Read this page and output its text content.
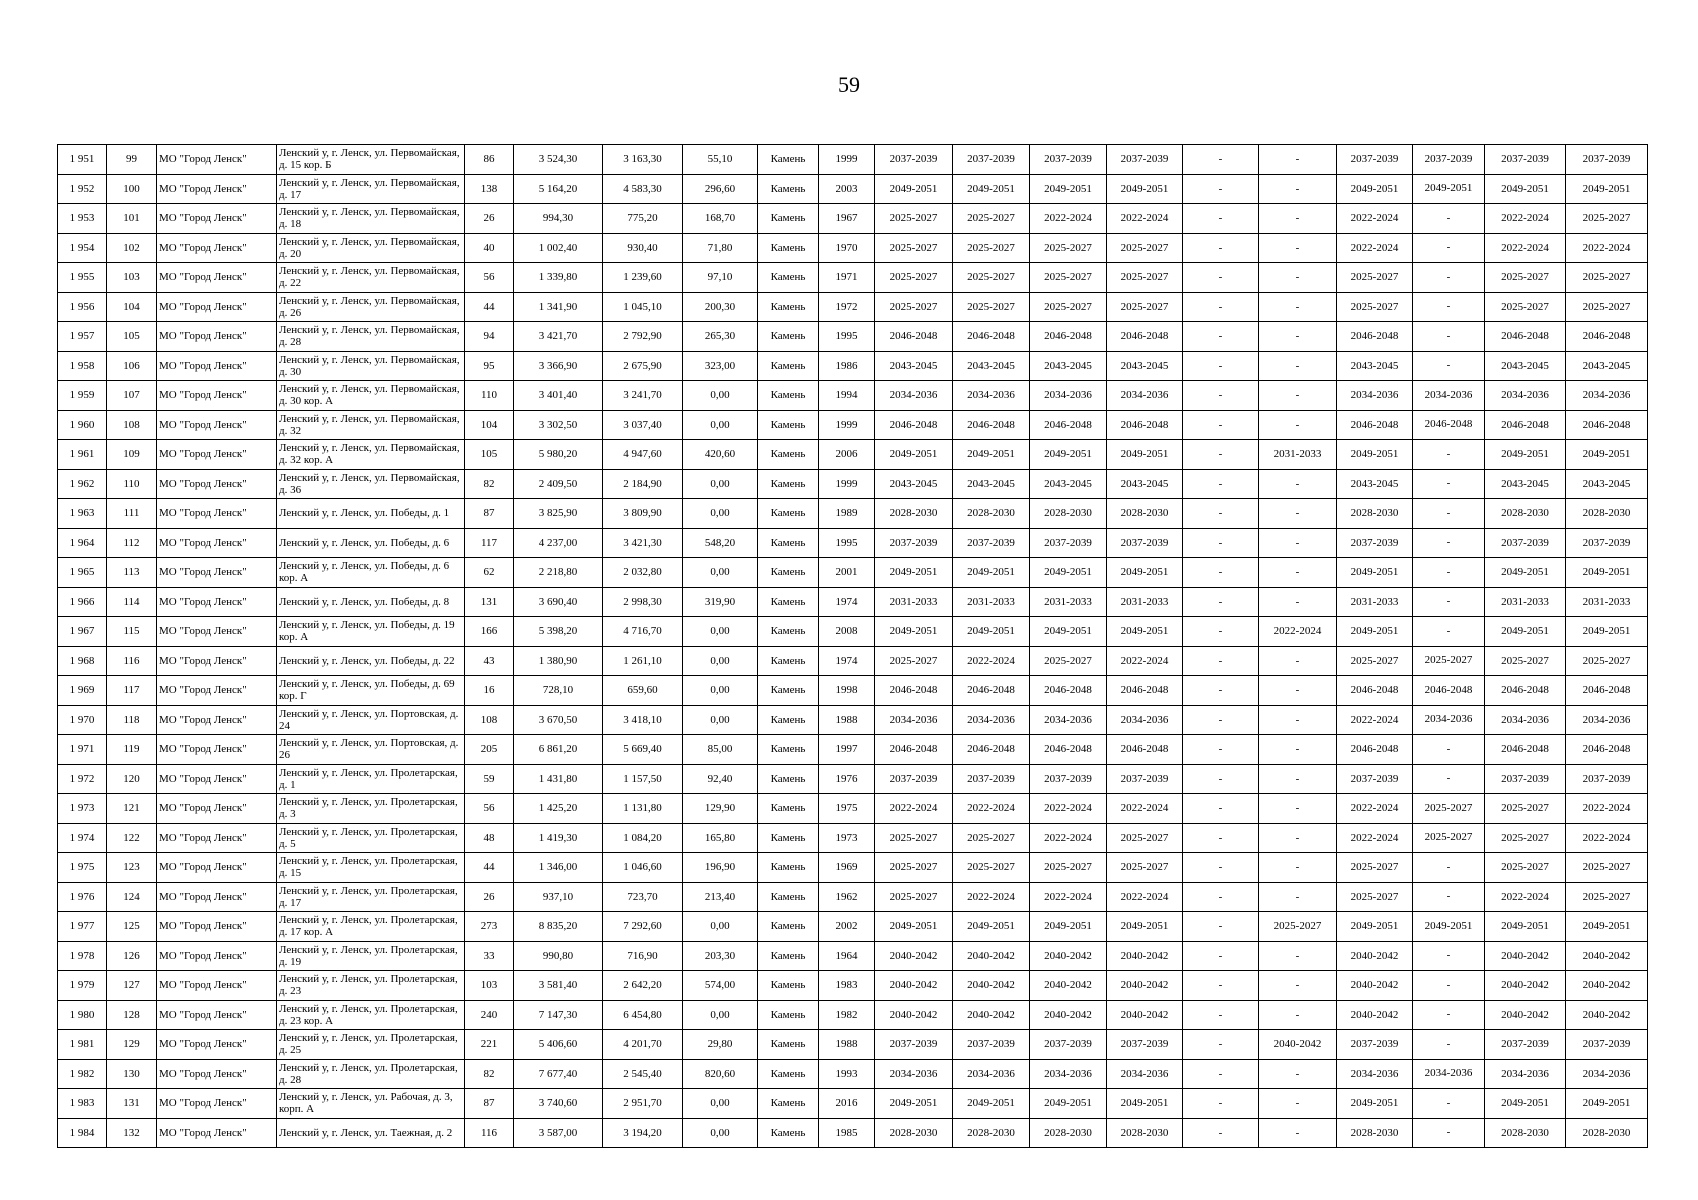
59
1 951	99	МО "Город Ленск"	Ленский у, г. Ленск, ул. Первомайская, д. 15 кор. Б	86	3 524,30	3 163,30	55,10	Камень	1999	2037-2039	2037-2039	2037-2039	2037-2039	-	-	2037-2039	2037-2039	2037-2039	2037-2039
1 952	100	МО "Город Ленск"	Ленский у, г. Ленск, ул. Первомайская, д. 17	138	5 164,20	4 583,30	296,60	Камень	2003	2049-2051	2049-2051	2049-2051	2049-2051	-	-	2049-2051	2049-2051	2049-2051	2049-2051
1 953	101	МО "Город Ленск"	Ленский у, г. Ленск, ул. Первомайская, д. 18	26	994,30	775,20	168,70	Камень	1967	2025-2027	2025-2027	2022-2024	2022-2024	-	-	2022-2024	-	2022-2024	2025-2027
1 954	102	МО "Город Ленск"	Ленский у, г. Ленск, ул. Первомайская, д. 20	40	1 002,40	930,40	71,80	Камень	1970	2025-2027	2025-2027	2025-2027	2025-2027	-	-	2022-2024	-	2022-2024	2022-2024
1 955	103	МО "Город Ленск"	Ленский у, г. Ленск, ул. Первомайская, д. 22	56	1 339,80	1 239,60	97,10	Камень	1971	2025-2027	2025-2027	2025-2027	2025-2027	-	-	2025-2027	-	2025-2027	2025-2027
1 956	104	МО "Город Ленск"	Ленский у, г. Ленск, ул. Первомайская, д. 26	44	1 341,90	1 045,10	200,30	Камень	1972	2025-2027	2025-2027	2025-2027	2025-2027	-	-	2025-2027	-	2025-2027	2025-2027
1 957	105	МО "Город Ленск"	Ленский у, г. Ленск, ул. Первомайская, д. 28	94	3 421,70	2 792,90	265,30	Камень	1995	2046-2048	2046-2048	2046-2048	2046-2048	-	-	2046-2048	-	2046-2048	2046-2048
1 958	106	МО "Город Ленск"	Ленский у, г. Ленск, ул. Первомайская, д. 30	95	3 366,90	2 675,90	323,00	Камень	1986	2043-2045	2043-2045	2043-2045	2043-2045	-	-	2043-2045	-	2043-2045	2043-2045
1 959	107	МО "Город Ленск"	Ленский у, г. Ленск, ул. Первомайская, д. 30 кор. А	110	3 401,40	3 241,70	0,00	Камень	1994	2034-2036	2034-2036	2034-2036	2034-2036	-	-	2034-2036	2034-2036	2034-2036	2034-2036
1 960	108	МО "Город Ленск"	Ленский у, г. Ленск, ул. Первомайская, д. 32	104	3 302,50	3 037,40	0,00	Камень	1999	2046-2048	2046-2048	2046-2048	2046-2048	-	-	2046-2048	2046-2048	2046-2048	2046-2048
1 961	109	МО "Город Ленск"	Ленский у, г. Ленск, ул. Первомайская, д. 32 кор. А	105	5 980,20	4 947,60	420,60	Камень	2006	2049-2051	2049-2051	2049-2051	2049-2051	-	2031-2033	2049-2051	-	2049-2051	2049-2051
1 962	110	МО "Город Ленск"	Ленский у, г. Ленск, ул. Первомайская, д. 36	82	2 409,50	2 184,90	0,00	Камень	1999	2043-2045	2043-2045	2043-2045	2043-2045	-	-	2043-2045	-	2043-2045	2043-2045
1 963	111	МО "Город Ленск"	Ленский у, г. Ленск, ул. Победы, д. 1	87	3 825,90	3 809,90	0,00	Камень	1989	2028-2030	2028-2030	2028-2030	2028-2030	-	-	2028-2030	-	2028-2030	2028-2030
1 964	112	МО "Город Ленск"	Ленский у, г. Ленск, ул. Победы, д. 6	117	4 237,00	3 421,30	548,20	Камень	1995	2037-2039	2037-2039	2037-2039	2037-2039	-	-	2037-2039	-	2037-2039	2037-2039
1 965	113	МО "Город Ленск"	Ленский у, г. Ленск, ул. Победы, д. 6 кор. А	62	2 218,80	2 032,80	0,00	Камень	2001	2049-2051	2049-2051	2049-2051	2049-2051	-	-	2049-2051	-	2049-2051	2049-2051
1 966	114	МО "Город Ленск"	Ленский у, г. Ленск, ул. Победы, д. 8	131	3 690,40	2 998,30	319,90	Камень	1974	2031-2033	2031-2033	2031-2033	2031-2033	-	-	2031-2033	-	2031-2033	2031-2033
1 967	115	МО "Город Ленск"	Ленский у, г. Ленск, ул. Победы, д. 19 кор. А	166	5 398,20	4 716,70	0,00	Камень	2008	2049-2051	2049-2051	2049-2051	2049-2051	-	2022-2024	2049-2051	-	2049-2051	2049-2051
1 968	116	МО "Город Ленск"	Ленский у, г. Ленск, ул. Победы, д. 22	43	1 380,90	1 261,10	0,00	Камень	1974	2025-2027	2022-2024	2025-2027	2022-2024	-	-	2025-2027	2025-2027	2025-2027	2025-2027
1 969	117	МО "Город Ленск"	Ленский у, г. Ленск, ул. Победы, д. 69 кор. Г	16	728,10	659,60	0,00	Камень	1998	2046-2048	2046-2048	2046-2048	2046-2048	-	-	2046-2048	2046-2048	2046-2048	2046-2048
1 970	118	МО "Город Ленск"	Ленский у, г. Ленск, ул. Портовская, д. 24	108	3 670,50	3 418,10	0,00	Камень	1988	2034-2036	2034-2036	2034-2036	2034-2036	-	-	2022-2024	2034-2036	2034-2036	2034-2036
1 971	119	МО "Город Ленск"	Ленский у, г. Ленск, ул. Портовская, д. 26	205	6 861,20	5 669,40	85,00	Камень	1997	2046-2048	2046-2048	2046-2048	2046-2048	-	-	2046-2048	-	2046-2048	2046-2048
1 972	120	МО "Город Ленск"	Ленский у, г. Ленск, ул. Пролетарская, д. 1	59	1 431,80	1 157,50	92,40	Камень	1976	2037-2039	2037-2039	2037-2039	2037-2039	-	-	2037-2039	-	2037-2039	2037-2039
1 973	121	МО "Город Ленск"	Ленский у, г. Ленск, ул. Пролетарская, д. 3	56	1 425,20	1 131,80	129,90	Камень	1975	2022-2024	2022-2024	2022-2024	2022-2024	-	-	2022-2024	2025-2027	2025-2027	2022-2024
1 974	122	МО "Город Ленск"	Ленский у, г. Ленск, ул. Пролетарская, д. 5	48	1 419,30	1 084,20	165,80	Камень	1973	2025-2027	2025-2027	2022-2024	2025-2027	-	-	2022-2024	2025-2027	2025-2027	2022-2024
1 975	123	МО "Город Ленск"	Ленский у, г. Ленск, ул. Пролетарская, д. 15	44	1 346,00	1 046,60	196,90	Камень	1969	2025-2027	2025-2027	2025-2027	2025-2027	-	-	2025-2027	-	2025-2027	2025-2027
1 976	124	МО "Город Ленск"	Ленский у, г. Ленск, ул. Пролетарская, д. 17	26	937,10	723,70	213,40	Камень	1962	2025-2027	2022-2024	2022-2024	2022-2024	-	-	2025-2027	-	2022-2024	2025-2027
1 977	125	МО "Город Ленск"	Ленский у, г. Ленск, ул. Пролетарская, д. 17 кор. А	273	8 835,20	7 292,60	0,00	Камень	2002	2049-2051	2049-2051	2049-2051	2049-2051	-	2025-2027	2049-2051	2049-2051	2049-2051	2049-2051
1 978	126	МО "Город Ленск"	Ленский у, г. Ленск, ул. Пролетарская, д. 19	33	990,80	716,90	203,30	Камень	1964	2040-2042	2040-2042	2040-2042	2040-2042	-	-	2040-2042	-	2040-2042	2040-2042
1 979	127	МО "Город Ленск"	Ленский у, г. Ленск, ул. Пролетарская, д. 23	103	3 581,40	2 642,20	574,00	Камень	1983	2040-2042	2040-2042	2040-2042	2040-2042	-	-	2040-2042	-	2040-2042	2040-2042
1 980	128	МО "Город Ленск"	Ленский у, г. Ленск, ул. Пролетарская, д. 23 кор. А	240	7 147,30	6 454,80	0,00	Камень	1982	2040-2042	2040-2042	2040-2042	2040-2042	-	-	2040-2042	-	2040-2042	2040-2042
1 981	129	МО "Город Ленск"	Ленский у, г. Ленск, ул. Пролетарская, д. 25	221	5 406,60	4 201,70	29,80	Камень	1988	2037-2039	2037-2039	2037-2039	2037-2039	-	2040-2042	2037-2039	-	2037-2039	2037-2039
1 982	130	МО "Город Ленск"	Ленский у, г. Ленск, ул. Пролетарская, д. 28	82	7 677,40	2 545,40	820,60	Камень	1993	2034-2036	2034-2036	2034-2036	2034-2036	-	-	2034-2036	2034-2036	2034-2036	2034-2036
1 983	131	МО "Город Ленск"	Ленский у, г. Ленск, ул. Рабочая, д. 3, корп. А	87	3 740,60	2 951,70	0,00	Камень	2016	2049-2051	2049-2051	2049-2051	2049-2051	-	-	2049-2051	-	2049-2051	2049-2051
1 984	132	МО "Город Ленск"	Ленский у, г. Ленск, ул. Таежная, д. 2	116	3 587,00	3 194,20	0,00	Камень	1985	2028-2030	2028-2030	2028-2030	2028-2030	-	-	2028-2030	-	2028-2030	2028-2030
